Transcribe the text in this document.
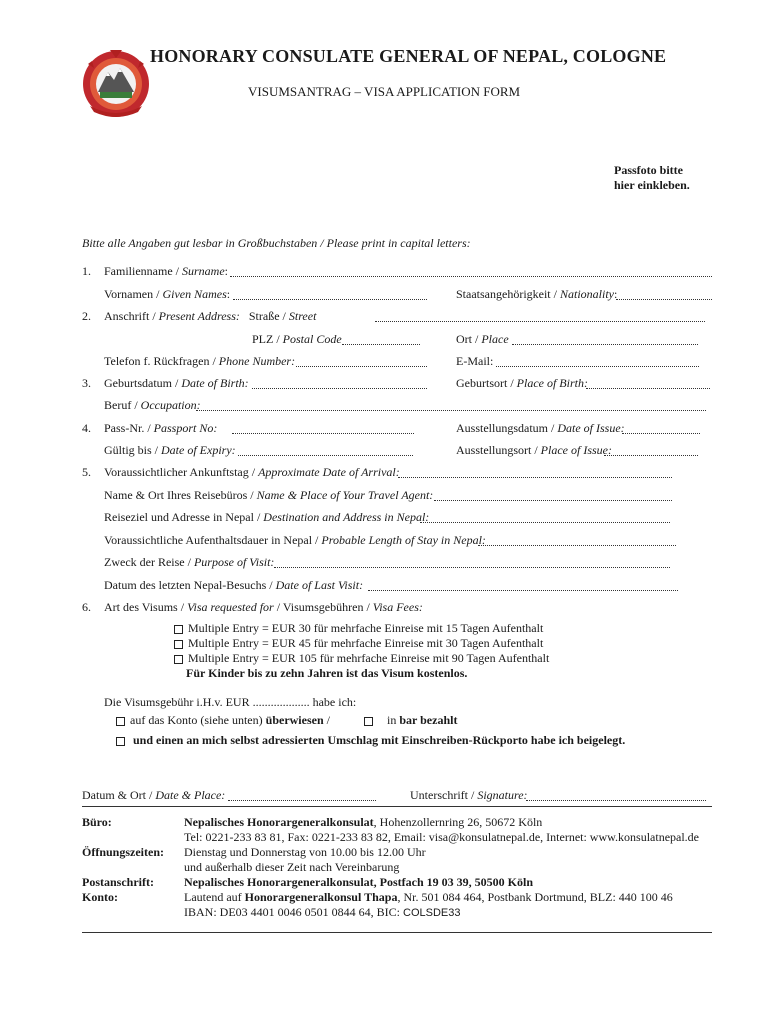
HONORARY CONSULATE GENERAL OF NEPAL, COLOGNE
VISUMSANTRAG – VISA APPLICATION FORM
Passfoto bitte
hier einkleben.
Bitte alle Angaben gut lesbar in Großbuchstaben / Please print in capital letters:
1. Familienname / Surname:
Vornamen / Given Names:	Staatsangehörigkeit / Nationality:
2. Anschrift / Present Address: Straße / Street
PLZ / Postal Code	Ort / Place
Telefon f. Rückfragen / Phone Number:	E-Mail:
3. Geburtsdatum / Date of Birth:	Geburtsort / Place of Birth:
Beruf / Occupation:
4. Pass-Nr. / Passport No:	Ausstellungsdatum / Date of Issue:
Gültig bis / Date of Expiry:	Ausstellungsort / Place of Issue:
5. Voraussichtlicher Ankunftstag / Approximate Date of Arrival:
Name & Ort Ihres Reisebüros / Name & Place of Your Travel Agent:
Reiseziel und Adresse in Nepal / Destination and Address in Nepal:
Voraussichtliche Aufenthaltsdauer in Nepal / Probable Length of Stay in Nepal:
Zweck der Reise / Purpose of Visit:
Datum des letzten Nepal-Besuchs / Date of Last Visit:
6. Art des Visums / Visa requested for / Visumsgebühren / Visa Fees:
Multiple Entry = EUR 30 für mehrfache Einreise mit 15 Tagen Aufenthalt
Multiple Entry = EUR 45 für mehrfache Einreise mit 30 Tagen Aufenthalt
Multiple Entry = EUR 105 für mehrfache Einreise mit 90 Tagen Aufenthalt
Für Kinder bis zu zehn Jahren ist das Visum kostenlos.
Die Visumsgebühr i.H.v. EUR ................... habe ich:
auf das Konto (siehe unten) überwiesen /	in bar bezahlt
und einen an mich selbst adressierten Umschlag mit Einschreiben-Rückporto habe ich beigelegt.
Datum & Ort / Date & Place:	Unterschrift / Signature:
Büro:	Nepalisches Honorargeneralkonsulat, Hohenzollernring 26, 50672 Köln
Tel: 0221-233 83 81, Fax: 0221-233 83 82, Email: visa@konsulatnepal.de, Internet: www.konsulatnepal.de
Öffnungszeiten: Dienstag und Donnerstag von 10.00 bis 12.00 Uhr
und außerhalb dieser Zeit nach Vereinbarung
Postanschrift:	Nepalisches Honorargeneralkonsulat, Postfach 19 03 39, 50500 Köln
Konto:	Lautend auf Honorargeneralkonsul Thapa, Nr. 501 084 464, Postbank Dortmund, BLZ: 440 100 46
IBAN: DE03 4401 0046 0501 0844 64, BIC: COLSDE33
